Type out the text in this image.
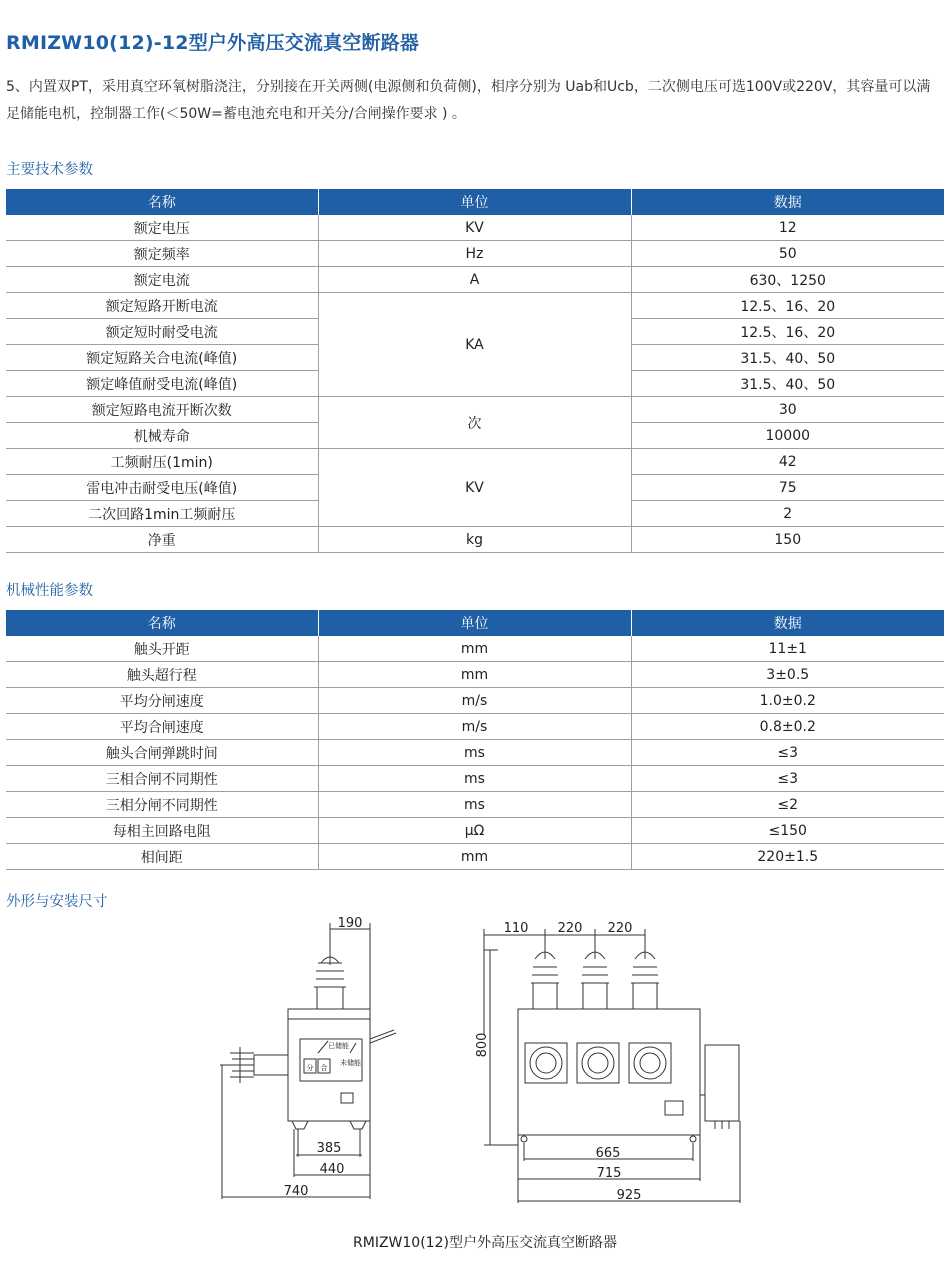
RMIZW10(12)-12型户外高压交流真空断路器
5、内置双PT，采用真空环氧树脂浇注，分别接在开关两侧(电源侧和负荷侧)，相序分别为 Uab和Ucb，二次侧电压可选100V或220V，其容量可以满足储能电机，控制器工作(＜50W=蓄电池充电和开关分/合闸操作要求 ) 。
主要技术参数
名称	单位	数据
额定电压	KV	12
额定频率	Hz	50
额定电流	A	630、1250
额定短路开断电流	KA	12.5、16、20
额定短时耐受电流		12.5、16、20
额定短路关合电流(峰值)		31.5、40、50
额定峰值耐受电流(峰值)		31.5、40、50
额定短路电流开断次数	次	30
机械寿命		10000
工频耐压(1min)	KV	42
雷电冲击耐受电压(峰值)		75
二次回路1min工频耐压		2
净重	kg	150
机械性能参数
名称	单位	数据
触头开距	mm	11±1
触头超行程	mm	3±0.5
平均分闸速度	m/s	1.0±0.2
平均合闸速度	m/s	0.8±0.2
触头合闸弹跳时间	ms	≤3
三相合闸不同期性	ms	≤3
三相分闸不同期性	ms	≤2
每相主回路电阻	μΩ	≤150
相间距	mm	220±1.5
外形与安装尺寸
190
385
440
740
110 220 220
800
665
715
925
分 合
已储能
未储能
RMIZW10(12)型户外高压交流真空断路器
